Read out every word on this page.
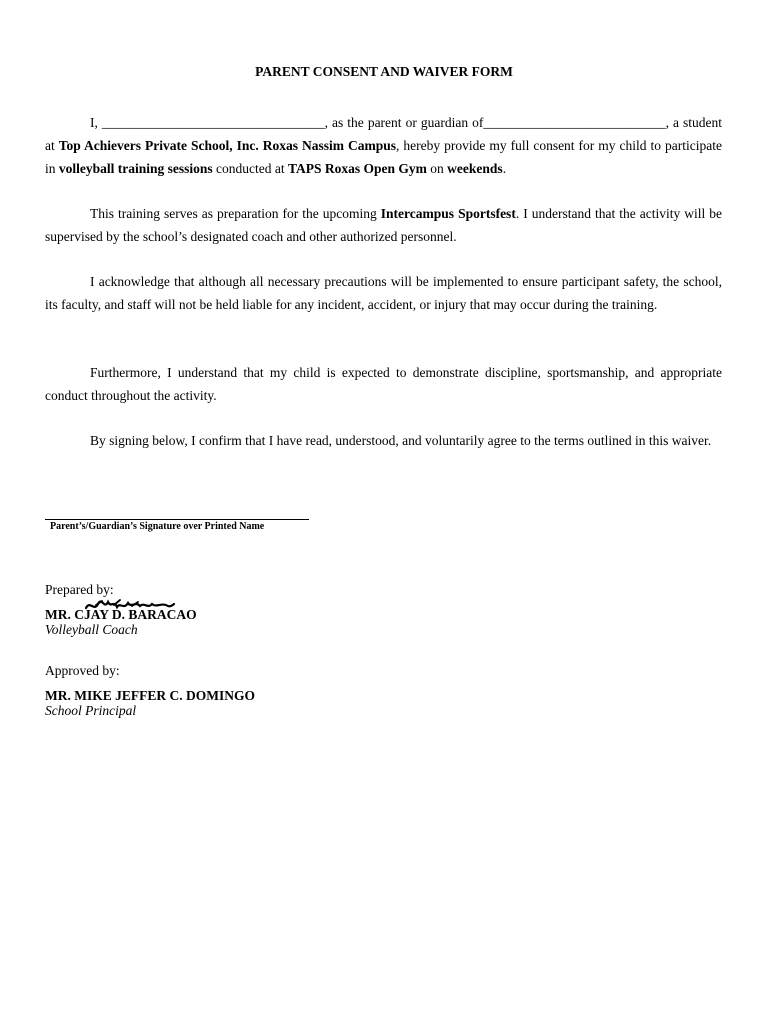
PARENT CONSENT AND WAIVER FORM

I, _________________________________, as the parent or guardian of___________________________, a student at Top Achievers Private School, Inc. Roxas Nassim Campus, hereby provide my full consent for my child to participate in volleyball training sessions conducted at TAPS Roxas Open Gym on weekends.

This training serves as preparation for the upcoming Intercampus Sportsfest. I understand that the activity will be supervised by the school’s designated coach and other authorized personnel.

I acknowledge that although all necessary precautions will be implemented to ensure participant safety, the school, its faculty, and staff will not be held liable for any incident, accident, or injury that may occur during the training.

Furthermore, I understand that my child is expected to demonstrate discipline, sportsmanship, and appropriate conduct throughout the activity.

By signing below, I confirm that I have read, understood, and voluntarily agree to the terms outlined in this waiver.

Parent’s/Guardian’s Signature over Printed Name
Prepared by:
MR. CJAY D. BARACAO
Volleyball Coach
Approved by:
MR. MIKE JEFFER C. DOMINGO
School Principal
